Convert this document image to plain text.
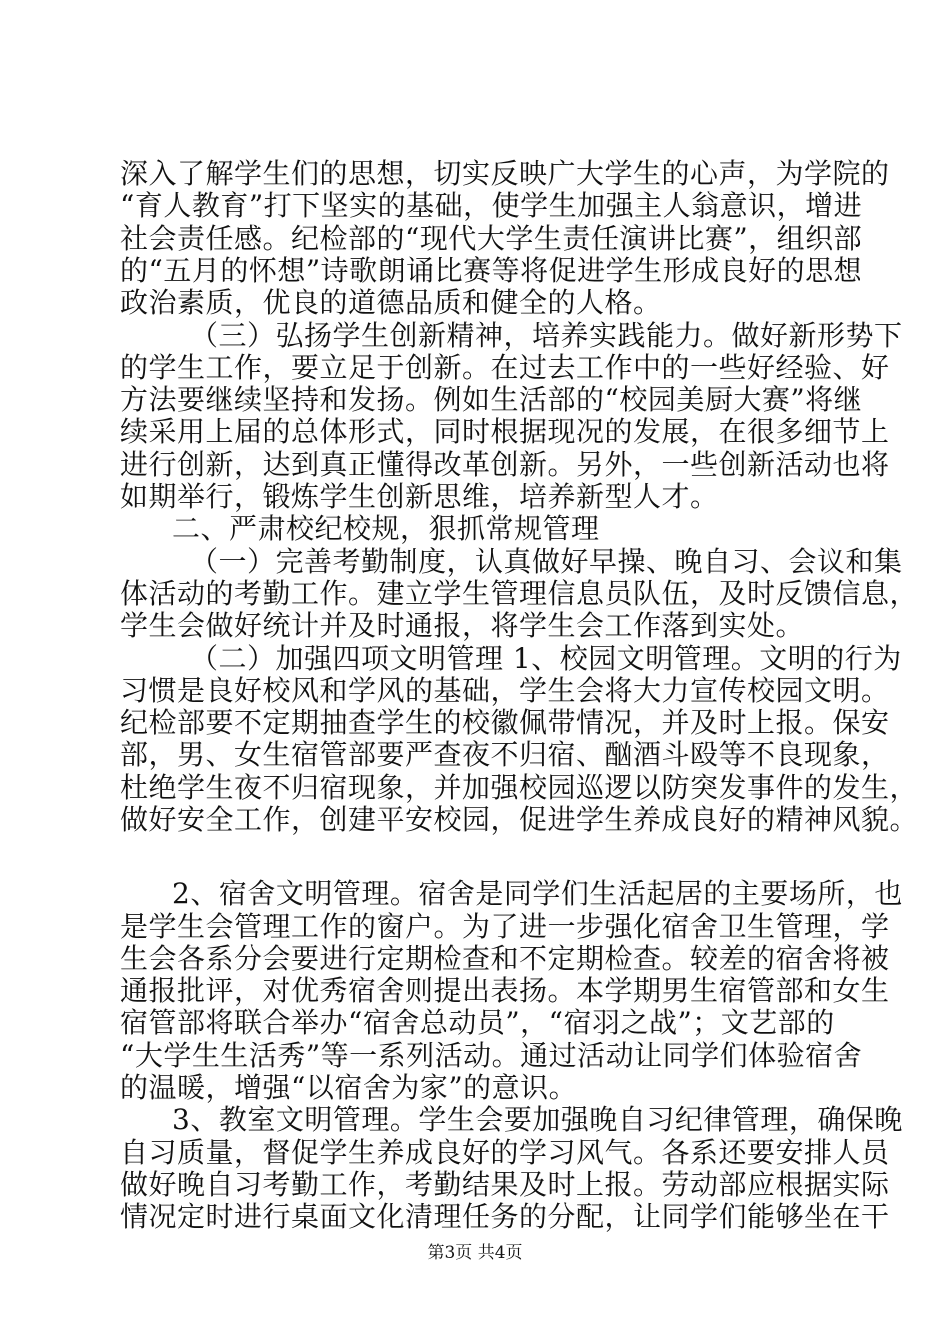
深入了解学生们的思想，切实反映广大学生的心声，为学院的
“育人教育”打下坚实的基础，使学生加强主人翁意识，增进
社会责任感。纪检部的“现代大学生责任演讲比赛”，组织部
的“五月的怀想”诗歌朗诵比赛等将促进学生形成良好的思想
政治素质，优良的道德品质和健全的人格。
（三）弘扬学生创新精神，培养实践能力。做好新形势下
的学生工作，要立足于创新。在过去工作中的一些好经验、好
方法要继续坚持和发扬。例如生活部的“校园美厨大赛”将继
续采用上届的总体形式，同时根据现况的发展，在很多细节上
进行创新，达到真正懂得改革创新。另外，一些创新活动也将
如期举行，锻炼学生创新思维，培养新型人才。
二、严肃校纪校规，狠抓常规管理
（一）完善考勤制度，认真做好早操、晚自习、会议和集
体活动的考勤工作。建立学生管理信息员队伍，及时反馈信息，
学生会做好统计并及时通报，将学生会工作落到实处。
（二）加强四项文明管理 1、校园文明管理。文明的行为
习惯是良好校风和学风的基础，学生会将大力宣传校园文明。
纪检部要不定期抽查学生的校徽佩带情况，并及时上报。保安
部，男、女生宿管部要严查夜不归宿、酗酒斗殴等不良现象，
杜绝学生夜不归宿现象，并加强校园巡逻以防突发事件的发生，
做好安全工作，创建平安校园，促进学生养成良好的精神风貌。
2、宿舍文明管理。宿舍是同学们生活起居的主要场所，也
是学生会管理工作的窗户。为了进一步强化宿舍卫生管理，学
生会各系分会要进行定期检查和不定期检查。较差的宿舍将被
通报批评，对优秀宿舍则提出表扬。本学期男生宿管部和女生
宿管部将联合举办“宿舍总动员”，“宿羽之战”；文艺部的
“大学生生活秀”等一系列活动。通过活动让同学们体验宿舍
的温暖，增强“以宿舍为家”的意识。
3、教室文明管理。学生会要加强晚自习纪律管理，确保晚
自习质量，督促学生养成良好的学习风气。各系还要安排人员
做好晚自习考勤工作，考勤结果及时上报。劳动部应根据实际
情况定时进行桌面文化清理任务的分配，让同学们能够坐在干
第3页 共4页
